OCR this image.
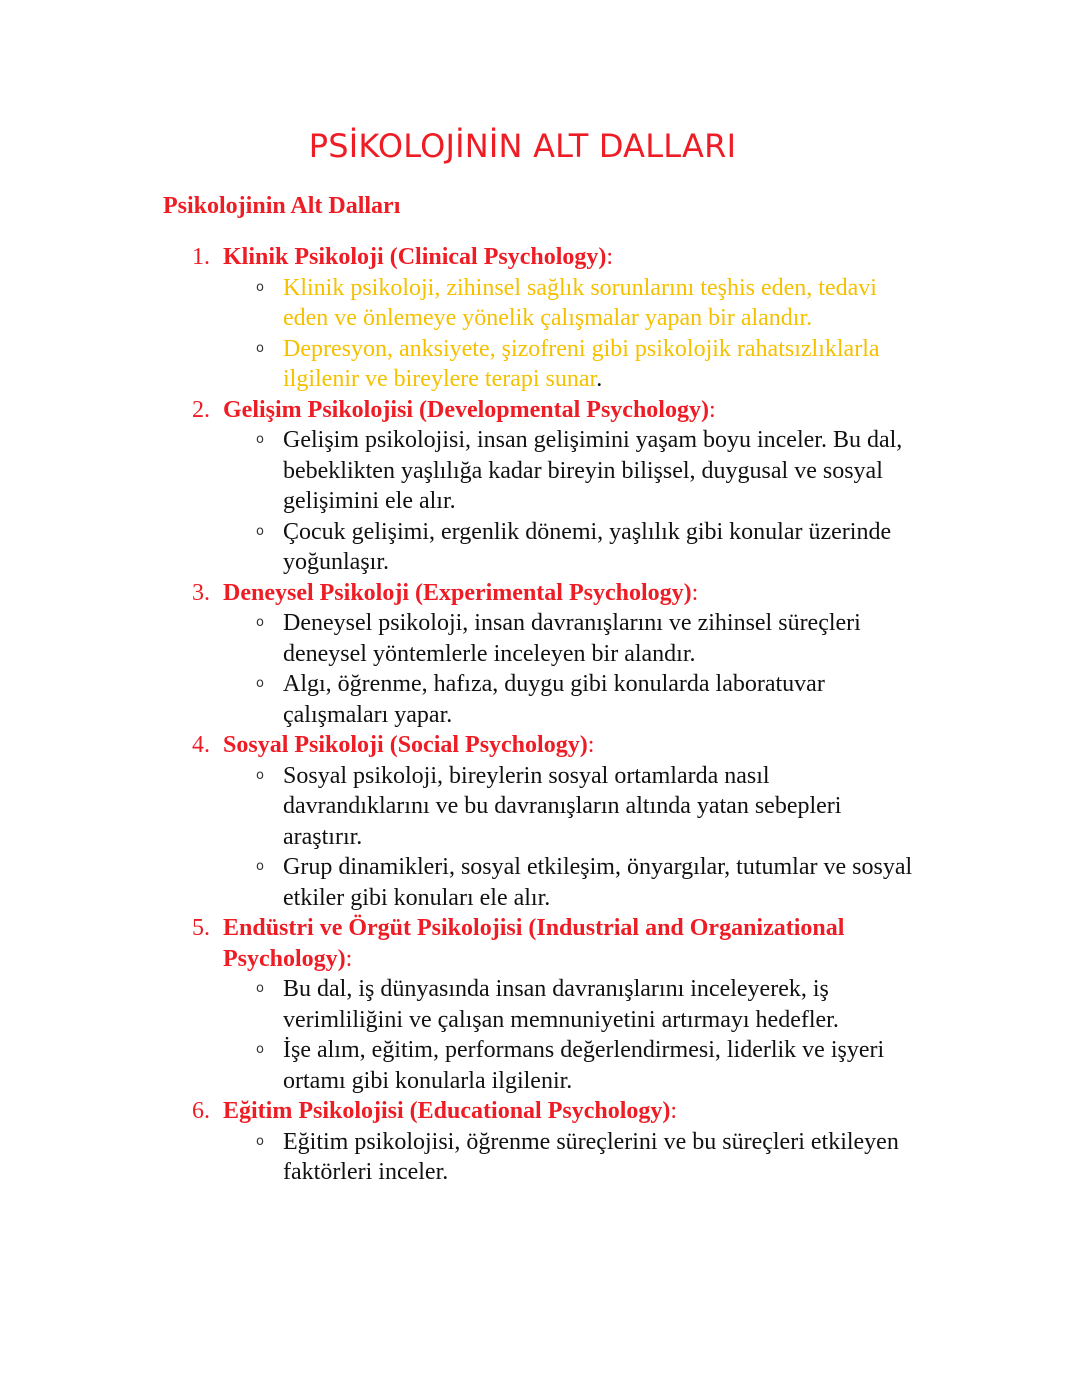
PSİKOLOJİNİN ALT DALLARI
Psikolojinin Alt Dalları
1. Klinik Psikoloji (Clinical Psychology):
o Klinik psikoloji, zihinsel sağlık sorunlarını teşhis eden, tedavi eden ve önlemeye yönelik çalışmalar yapan bir alandır.
o Depresyon, anksiyete, şizofreni gibi psikolojik rahatsızlıklarla ilgilenir ve bireylere terapi sunar.
2. Gelişim Psikolojisi (Developmental Psychology):
o Gelişim psikolojisi, insan gelişimini yaşam boyu inceler. Bu dal, bebeklikten yaşlılığa kadar bireyin bilişsel, duygusal ve sosyal gelişimini ele alır.
o Çocuk gelişimi, ergenlik dönemi, yaşlılık gibi konular üzerinde yoğunlaşır.
3. Deneysel Psikoloji (Experimental Psychology):
o Deneysel psikoloji, insan davranışlarını ve zihinsel süreçleri deneysel yöntemlerle inceleyen bir alandır.
o Algı, öğrenme, hafıza, duygu gibi konularda laboratuvar çalışmaları yapar.
4. Sosyal Psikoloji (Social Psychology):
o Sosyal psikoloji, bireylerin sosyal ortamlarda nasıl davrandıklarını ve bu davranışların altında yatan sebepleri araştırır.
o Grup dinamikleri, sosyal etkileşim, önyargılar, tutumlar ve sosyal etkiler gibi konuları ele alır.
5. Endüstri ve Örgüt Psikolojisi (Industrial and Organizational Psychology):
o Bu dal, iş dünyasında insan davranışlarını inceleyerek, iş verimliliğini ve çalışan memnuniyetini artırmayı hedefler.
o İşe alım, eğitim, performans değerlendirmesi, liderlik ve işyeri ortamı gibi konularla ilgilenir.
6. Eğitim Psikolojisi (Educational Psychology):
o Eğitim psikolojisi, öğrenme süreçlerini ve bu süreçleri etkileyen faktörleri inceler.
